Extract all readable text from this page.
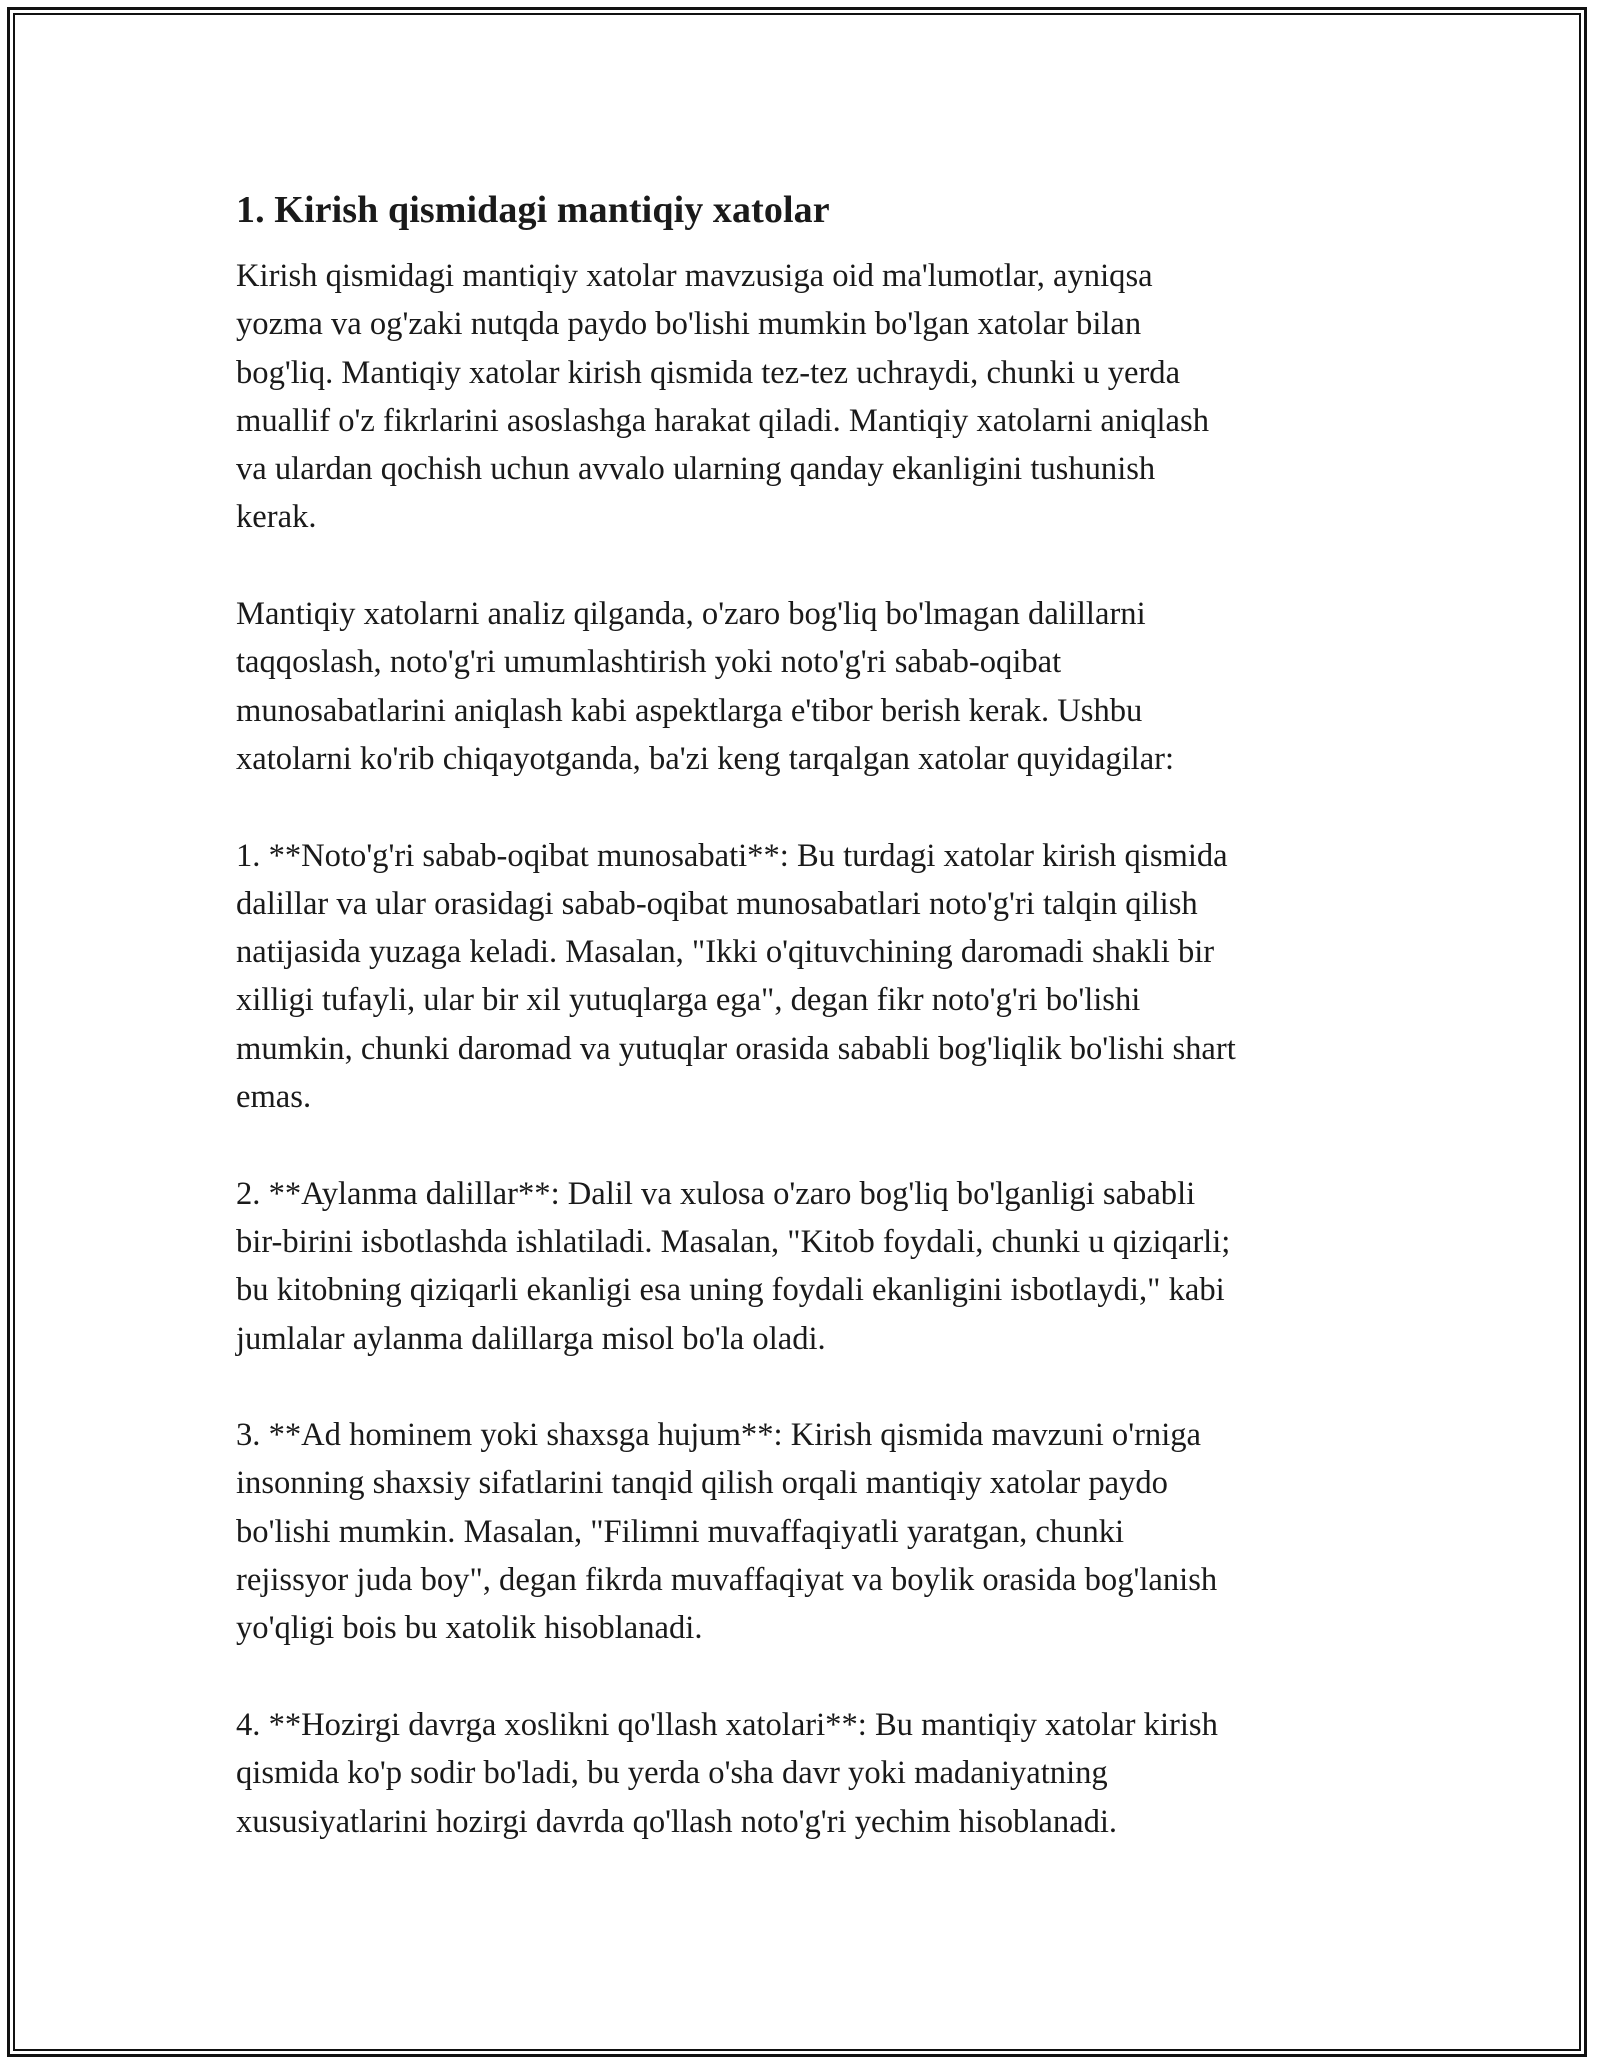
1. Kirish qismidagi mantiqiy xatolar

Kirish qismidagi mantiqiy xatolar mavzusiga oid ma'lumotlar, ayniqsa
yozma va og'zaki nutqda paydo bo'lishi mumkin bo'lgan xatolar bilan
bog'liq. Mantiqiy xatolar kirish qismida tez-tez uchraydi, chunki u yerda
muallif o'z fikrlarini asoslashga harakat qiladi. Mantiqiy xatolarni aniqlash
va ulardan qochish uchun avvalo ularning qanday ekanligini tushunish
kerak.

Mantiqiy xatolarni analiz qilganda, o'zaro bog'liq bo'lmagan dalillarni
taqqoslash, noto'g'ri umumlashtirish yoki noto'g'ri sabab-oqibat
munosabatlarini aniqlash kabi aspektlarga e'tibor berish kerak. Ushbu
xatolarni ko'rib chiqayotganda, ba'zi keng tarqalgan xatolar quyidagilar:

1. **Noto'g'ri sabab-oqibat munosabati**: Bu turdagi xatolar kirish qismida
dalillar va ular orasidagi sabab-oqibat munosabatlari noto'g'ri talqin qilish
natijasida yuzaga keladi. Masalan, "Ikki o'qituvchining daromadi shakli bir
xilligi tufayli, ular bir xil yutuqlarga ega", degan fikr noto'g'ri bo'lishi
mumkin, chunki daromad va yutuqlar orasida sababli bog'liqlik bo'lishi shart
emas.

2. **Aylanma dalillar**: Dalil va xulosa o'zaro bog'liq bo'lganligi sababli
bir-birini isbotlashda ishlatiladi. Masalan, "Kitob foydali, chunki u qiziqarli;
bu kitobning qiziqarli ekanligi esa uning foydali ekanligini isbotlaydi," kabi
jumlalar aylanma dalillarga misol bo'la oladi.

3. **Ad hominem yoki shaxsga hujum**: Kirish qismida mavzuni o'rniga
insonning shaxsiy sifatlarini tanqid qilish orqali mantiqiy xatolar paydo
bo'lishi mumkin. Masalan, "Filimni muvaffaqiyatli yaratgan, chunki
rejissyor juda boy", degan fikrda muvaffaqiyat va boylik orasida bog'lanish
yo'qligi bois bu xatolik hisoblanadi.

4. **Hozirgi davrga xoslikni qo'llash xatolari**: Bu mantiqiy xatolar kirish
qismida ko'p sodir bo'ladi, bu yerda o'sha davr yoki madaniyatning
xususiyatlarini hozirgi davrda qo'llash noto'g'ri yechim hisoblanadi.
